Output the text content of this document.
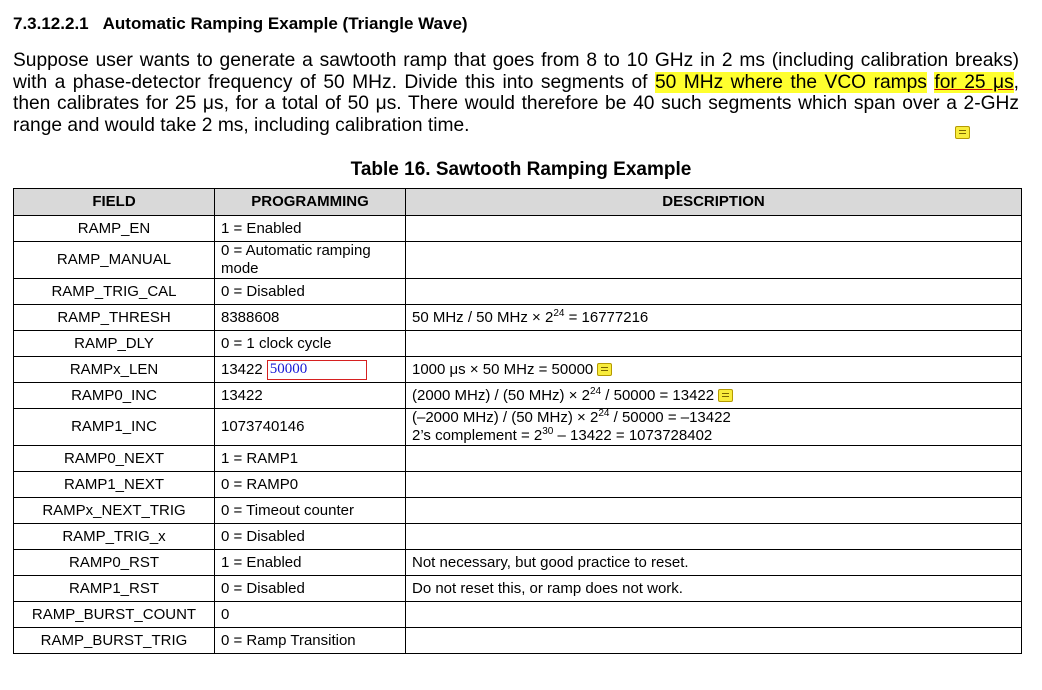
7.3.12.2.1 Automatic Ramping Example (Triangle Wave)
Suppose user wants to generate a sawtooth ramp that goes from 8 to 10 GHz in 2 ms (including calibration breaks) with a phase-detector frequency of 50 MHz. Divide this into segments of 50 MHz where the VCO ramps for 25 μs, then calibrates for 25 μs, for a total of 50 μs. There would therefore be 40 such segments which span over a 2-GHz range and would take 2 ms, including calibration time.
Table 16. Sawtooth Ramping Example
FIELD	PROGRAMMING	DESCRIPTION
RAMP_EN	1 = Enabled	
RAMP_MANUAL	0 = Automatic ramping mode	
RAMP_TRIG_CAL	0 = Disabled	
RAMP_THRESH	8388608	50 MHz / 50 MHz × $2^{24} = 16777216$
RAMP_DLY	0 = 1 clock cycle	
RAMPx_LEN	13422 50000	1000 μs × 50 MHz = 50000
RAMP0_INC	13422	(2000 MHz) / (50 $MHz) \times 2^{24} / 50000 = 13422$
RAMP1_INC	1073740146	(–2000 MHz) / (50 $MHz) \times 2^{24} / 50000 = -13422$
2’s complement = $2^{30} - 13422 = 1073728402$

RAMP0_NEXT	1 = RAMP1	
RAMP1_NEXT	0 = RAMP0	
RAMPx_NEXT_TRIG	0 = Timeout counter	
RAMP_TRIG_x	0 = Disabled	
RAMP0_RST	1 = Enabled	Not necessary, but good practice to reset.
RAMP1_RST	0 = Disabled	Do not reset this, or ramp does not work.
RAMP_BURST_COUNT	0	
RAMP_BURST_TRIG	0 = Ramp Transition	
